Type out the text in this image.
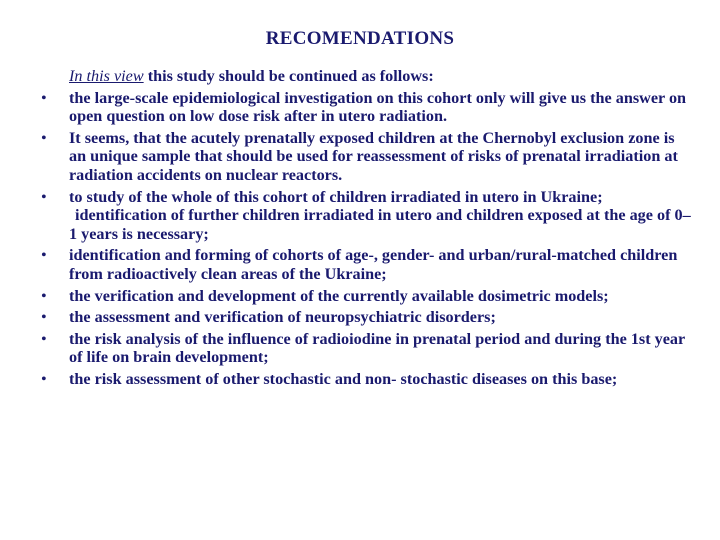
RECOMENDATIONS
In this view this study should be continued as follows:
• the large-scale epidemiological investigation on this cohort only will give us the answer on open question on low dose risk after in utero radiation.
• It seems, that the acutely prenatally exposed children at the Chernobyl exclusion zone is an unique sample that should be used for reassessment of risks of prenatal irradiation at radiation accidents on nuclear reactors.
• to study of the whole of this cohort of children irradiated in utero in Ukraine;
identification of further children irradiated in utero and children exposed at the age of 0–1 years is necessary;
• identification and forming of cohorts of age-, gender- and urban/rural-matched children from radioactively clean areas of the Ukraine;
• the verification and development of the currently available dosimetric models;
• the assessment and verification of neuropsychiatric disorders;
• the risk analysis of the influence of radioiodine in prenatal period and during the 1st year of life on brain development;
• the risk assessment of other stochastic and non- stochastic diseases on this base;
